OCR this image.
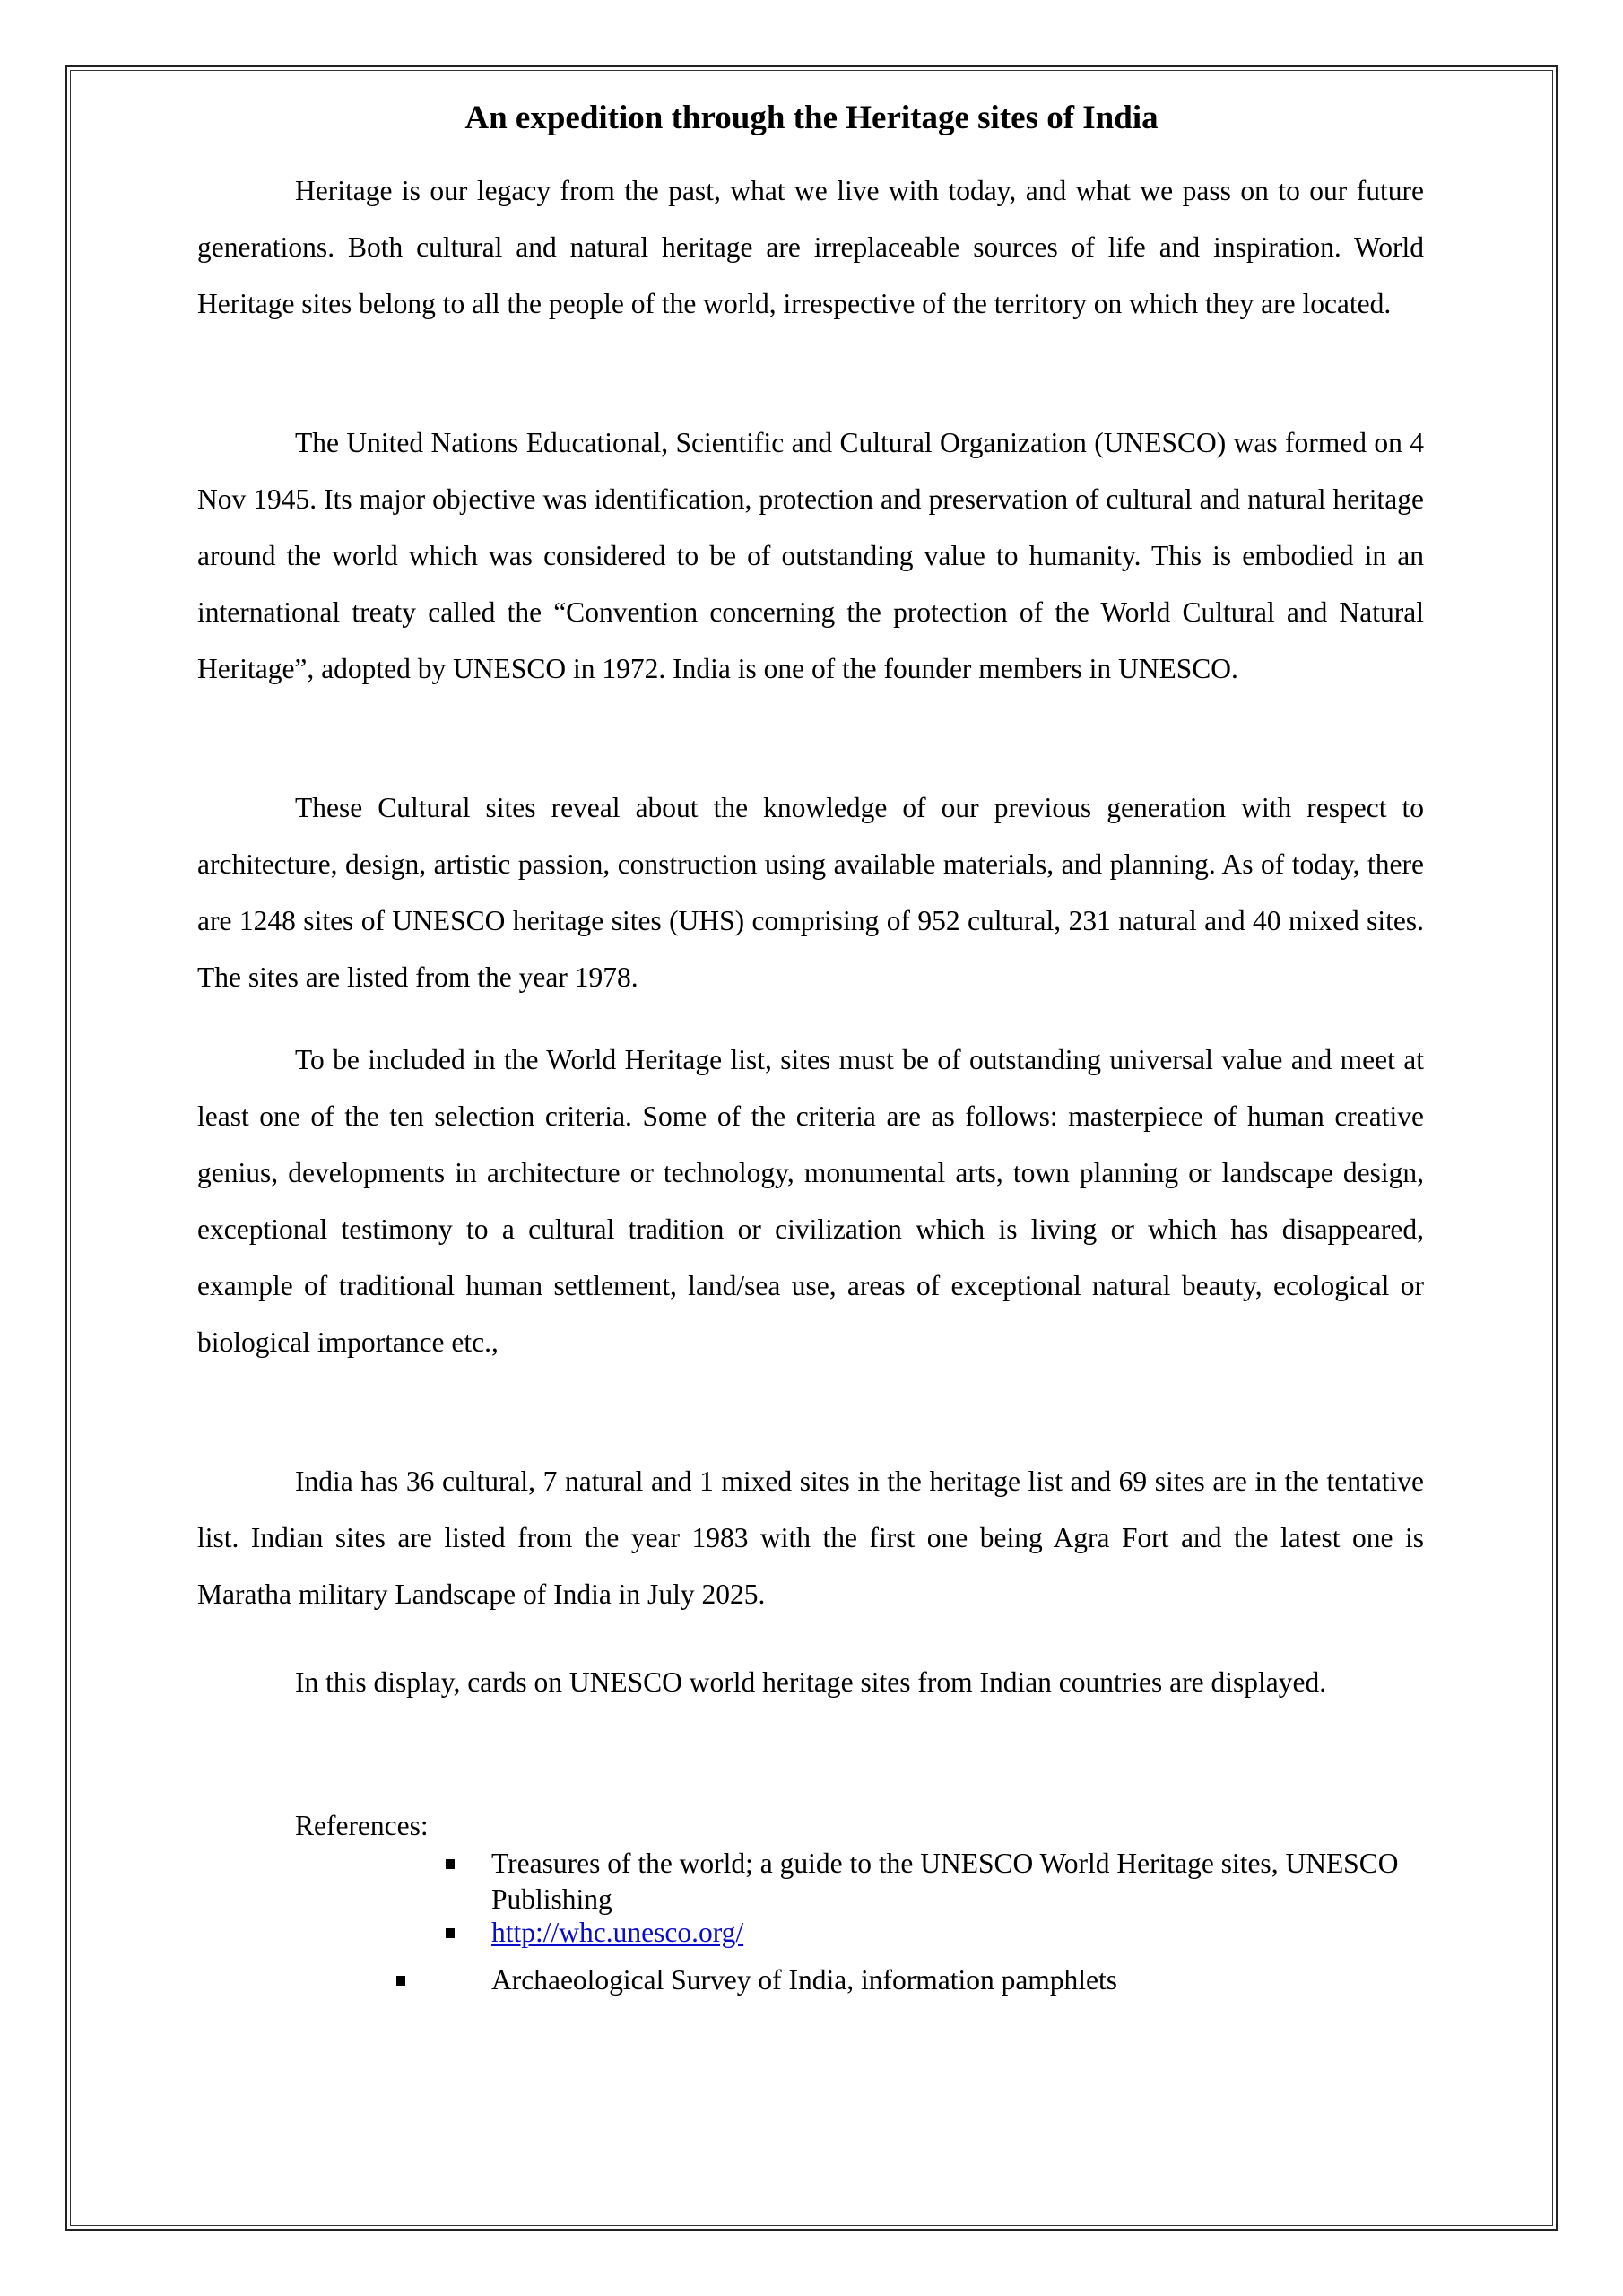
An expedition through the Heritage sites of India

Heritage is our legacy from the past, what we live with today, and what we pass on to our future generations. Both cultural and natural heritage are irreplaceable sources of life and inspiration. World Heritage sites belong to all the people of the world, irrespective of the territory on which they are located.

The United Nations Educational, Scientific and Cultural Organization (UNESCO) was formed on 4 Nov 1945. Its major objective was identification, protection and preservation of cultural and natural heritage around the world which was considered to be of outstanding value to humanity. This is embodied in an international treaty called the “Convention concerning the protection of the World Cultural and Natural Heritage”, adopted by UNESCO in 1972. India is one of the founder members in UNESCO.

These Cultural sites reveal about the knowledge of our previous generation with respect to architecture, design, artistic passion, construction using available materials, and planning. As of today, there are 1248 sites of UNESCO heritage sites (UHS) comprising of 952 cultural, 231 natural and 40 mixed sites. The sites are listed from the year 1978.

To be included in the World Heritage list, sites must be of outstanding universal value and meet at least one of the ten selection criteria. Some of the criteria are as follows: masterpiece of human creative genius, developments in architecture or technology, monumental arts, town planning or landscape design, exceptional testimony to a cultural tradition or civilization which is living or which has disappeared, example of traditional human settlement, land/sea use, areas of exceptional natural beauty, ecological or biological importance etc.,

India has 36 cultural, 7 natural and 1 mixed sites in the heritage list and 69 sites are in the tentative list. Indian sites are listed from the year 1983 with the first one being Agra Fort and the latest one is Maratha military Landscape of India in July 2025.

In this display, cards on UNESCO world heritage sites from Indian countries are displayed.

References:
Treasures of the world; a guide to the UNESCO World Heritage sites, UNESCO Publishing
http://whc.unesco.org/
Archaeological Survey of India, information pamphlets
